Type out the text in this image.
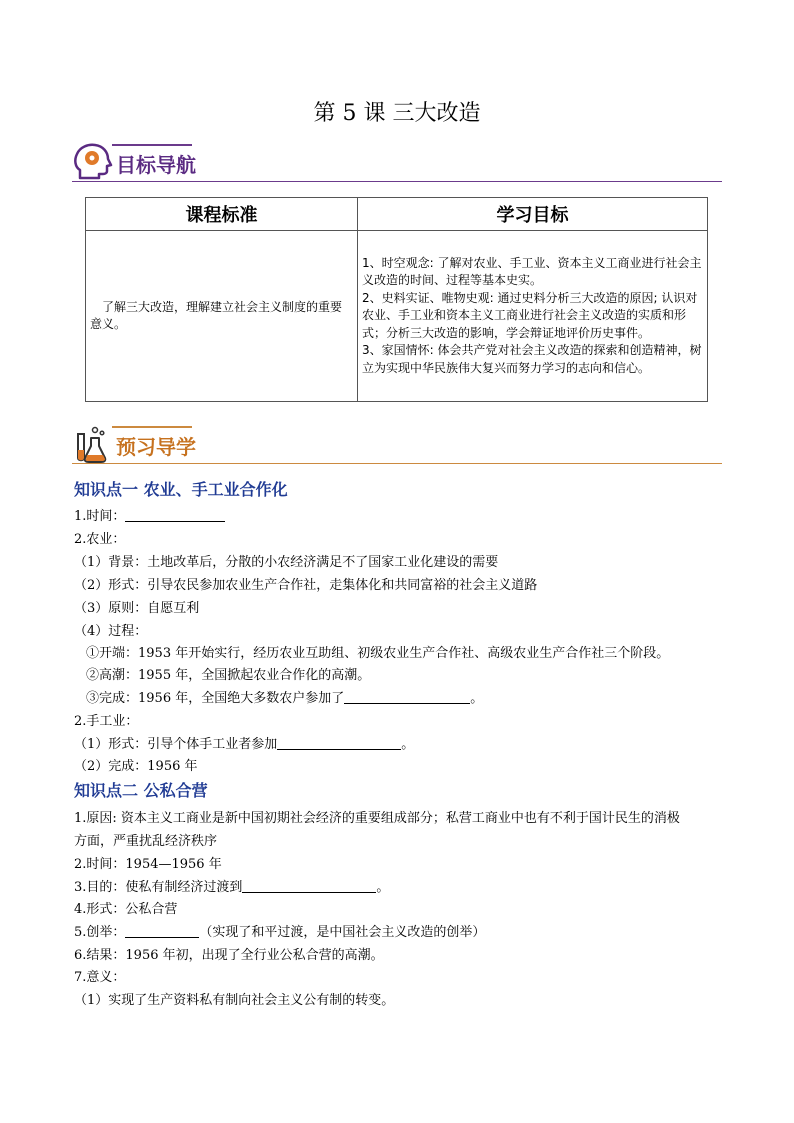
第 5 课 三大改造
目标导航
课程标准	学习目标

了解三大改造，理解建立社会主义制度的重要意义。	1、时空观念: 了解对农业、手工业、资本主义工商业进行社会主义改造的时间、过程等基本史实。
2、史料实证、唯物史观: 通过史料分析三大改造的原因; 认识对农业、手工业和资本主义工商业进行社会主义改造的实质和形式；分析三大改造的影响，学会辩证地评价历史事件。
3、家国情怀: 体会共产党对社会主义改造的探索和创造精神，树立为实现中华民族伟大复兴而努力学习的志向和信心。
预习导学
知识点一 农业、手工业合作化
1.时间：
2.农业：
（1）背景：土地改革后，分散的小农经济满足不了国家工业化建设的需要
（2）形式：引导农民参加农业生产合作社，走集体化和共同富裕的社会主义道路
（3）原则：自愿互利
（4）过程：
①开端：1953 年开始实行，经历农业互助组、初级农业生产合作社、高级农业生产合作社三个阶段。
②高潮：1955 年，全国掀起农业合作化的高潮。
③完成：1956 年，全国绝大多数农户参加了	。
2.手工业：
（1）形式：引导个体手工业者参加	。
（2）完成：1956 年
知识点二 公私合营
1.原因: 资本主义工商业是新中国初期社会经济的重要组成部分；私营工商业中也有不利于国计民生的消极
方面，严重扰乱经济秩序
2.时间：1954—1956 年
3.目的：使私有制经济过渡到	。
4.形式：公私合营
5.创举：	（实现了和平过渡，是中国社会主义改造的创举）
6.结果：1956 年初，出现了全行业公私合营的高潮。
7.意义：
（1）实现了生产资料私有制向社会主义公有制的转变。
